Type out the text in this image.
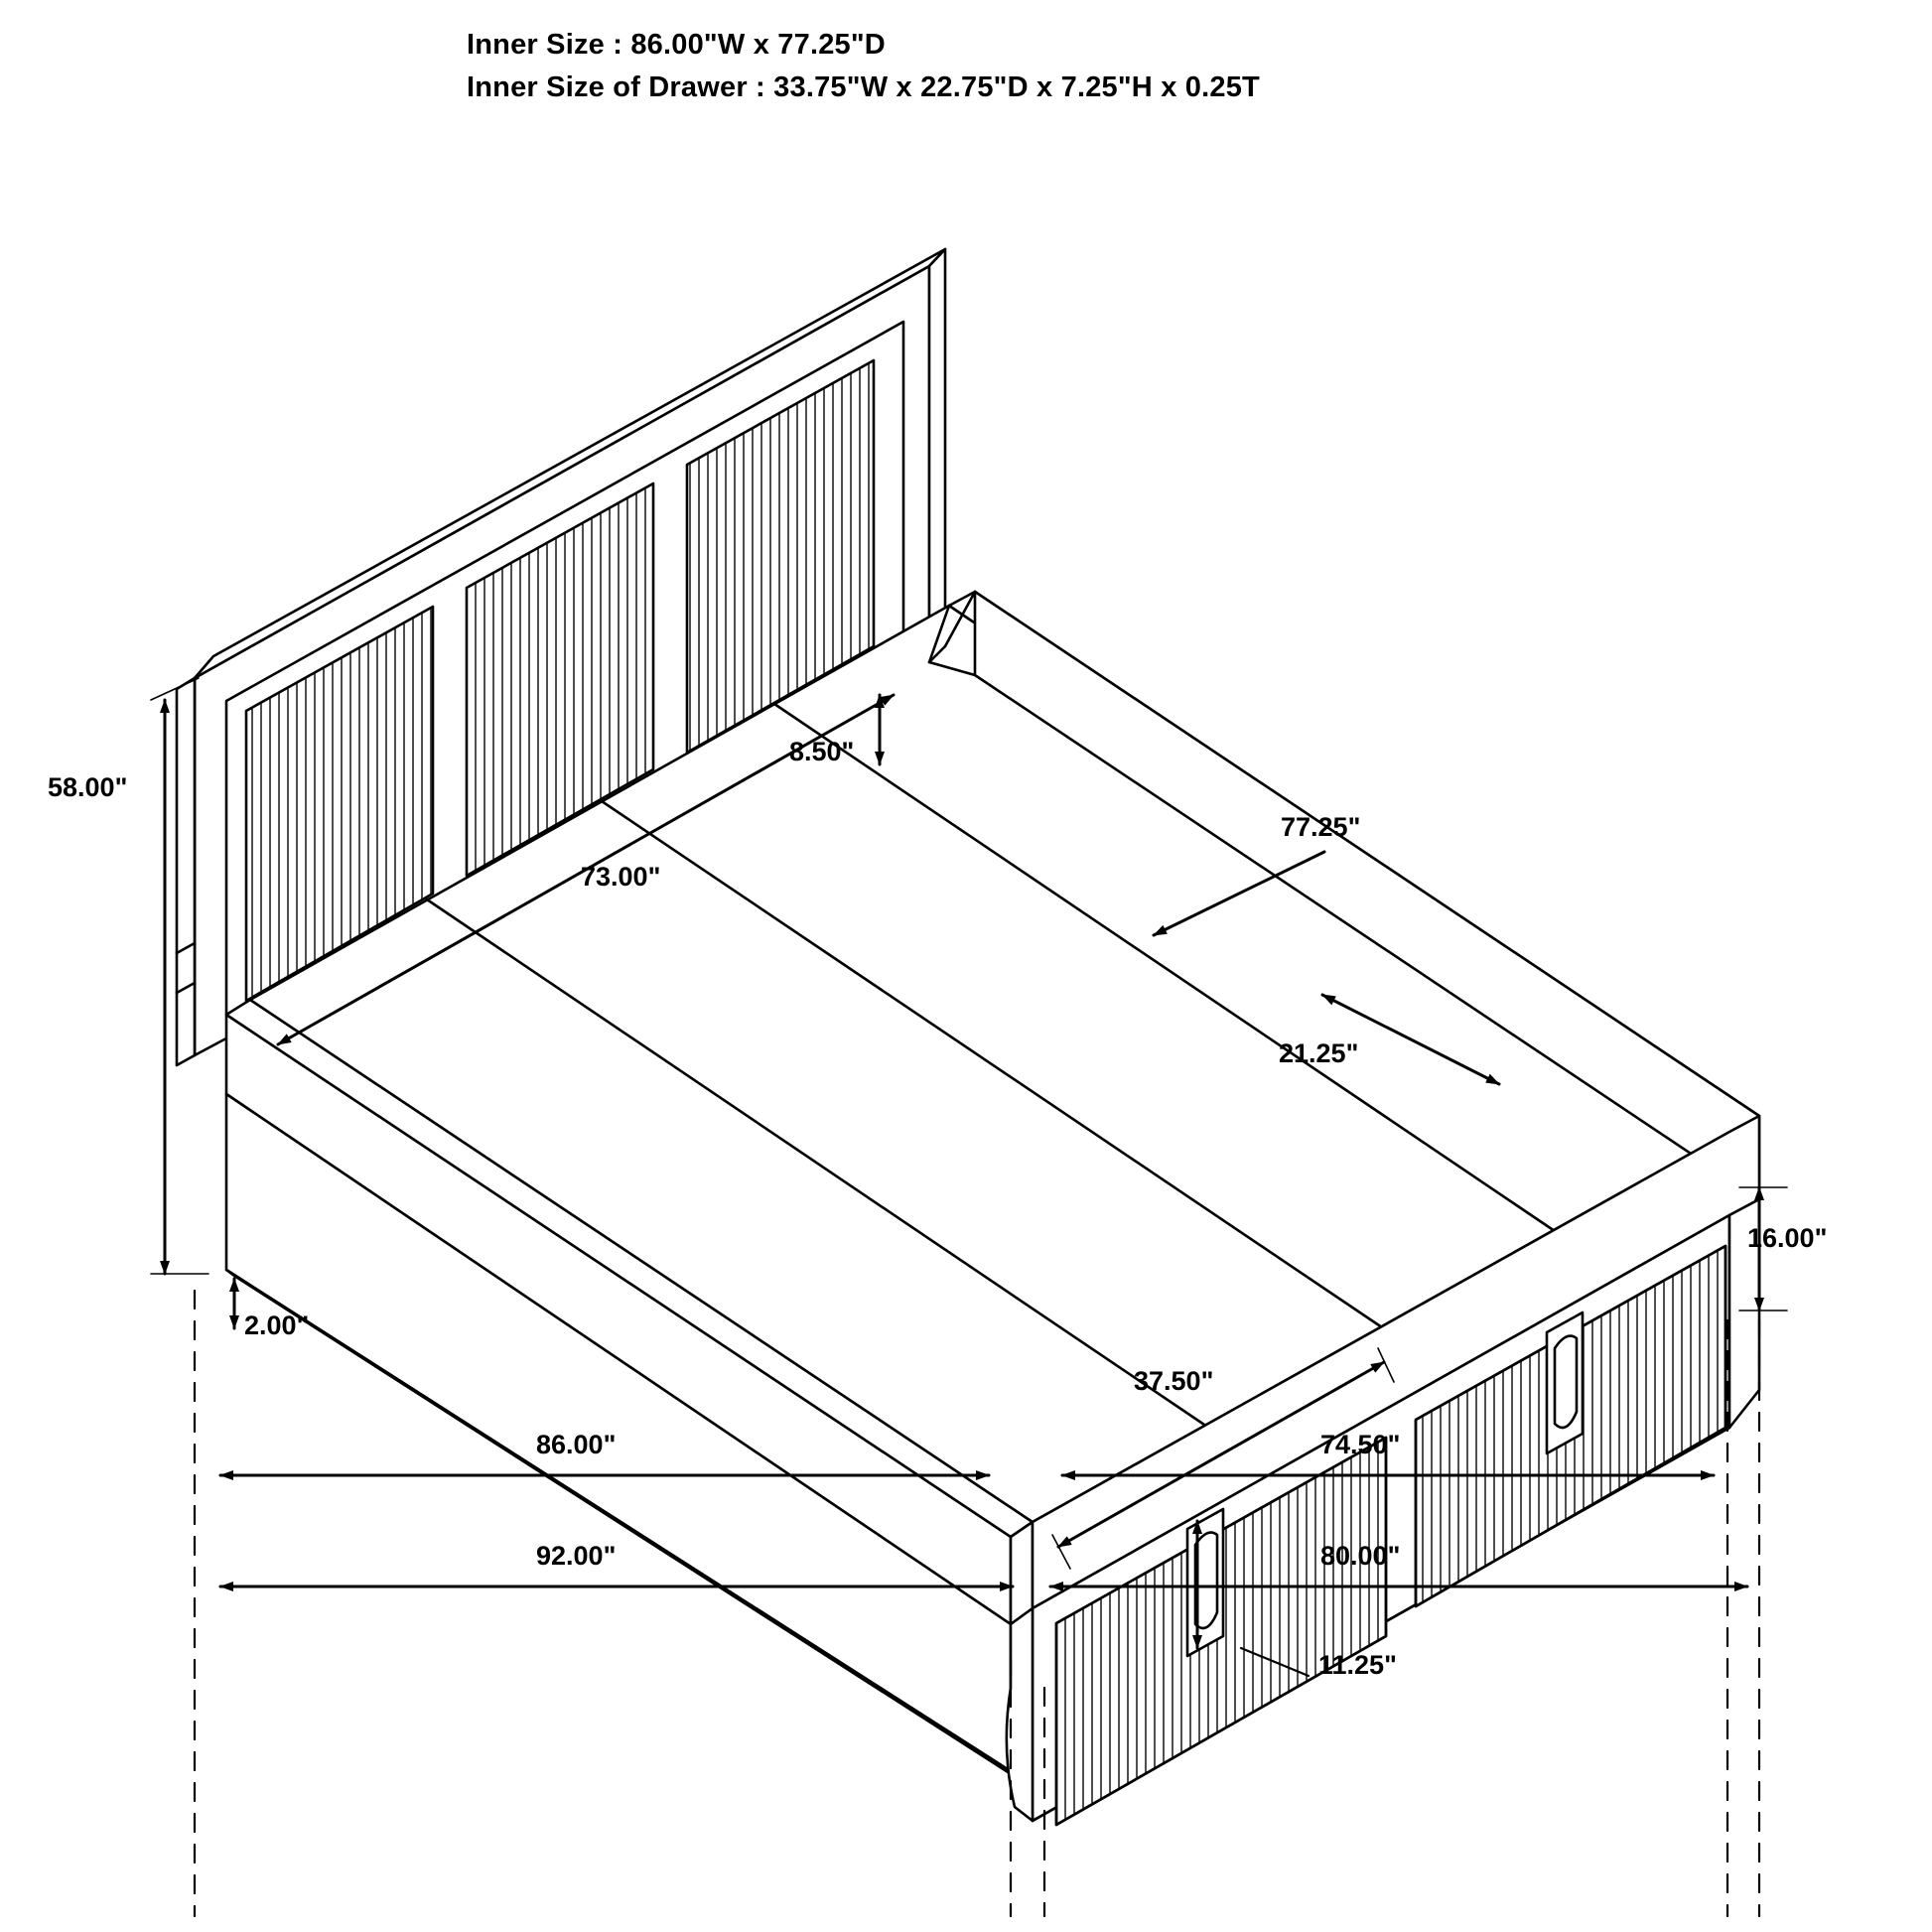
Inner Size : 86.00"W x 77.25"D
Inner Size of Drawer : 33.75"W x 22.75"D x 7.25"H x 0.25T
58.00"
73.00"
8.50"
77.25"
21.25"
16.00"
2.00"
37.50"
11.25"
86.00"	74.50"
92.00"	80.00"
